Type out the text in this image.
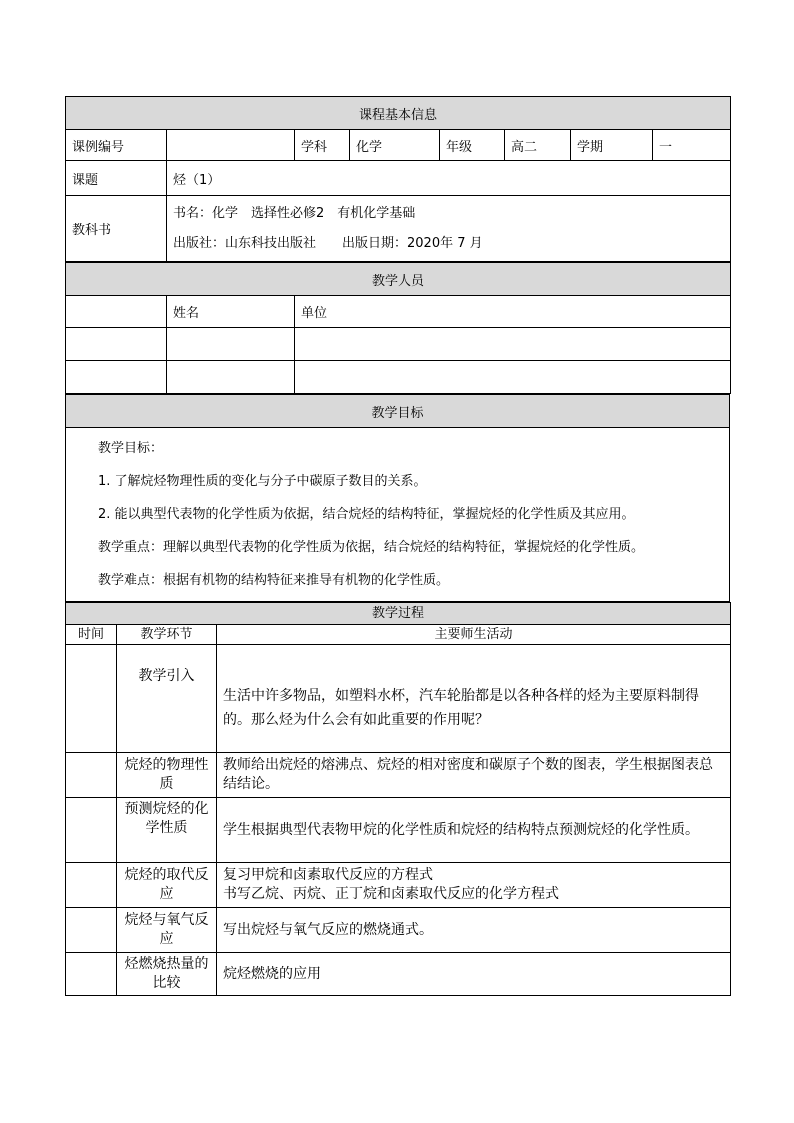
课程基本信息							
课例编号		学科	化学	年级	高二	学期	一
课题	烃（1）						
教科书	书名：化学　选择性必修2　有机化学基础
出版社：山东科技出版社　　出版日期：2020年 7 月						
教学人员		
	姓名	单位

教学目标

教学目标：
1. 了解烷烃物理性质的变化与分子中碳原子数目的关系。
2. 能以典型代表物的化学性质为依据，结合烷烃的结构特征，掌握烷烃的化学性质及其应用。
教学重点：理解以典型代表物的化学性质为依据，结合烷烃的结构特征，掌握烷烃的化学性质。
教学难点：根据有机物的结构特征来推导有机物的化学性质。
教学过程		
时间	教学环节	主要师生活动
	教学引入	生活中许多物品，如塑料水杯，汽车轮胎都是以各种各样的烃为主要原料制得的。那么烃为什么会有如此重要的作用呢？
	烷烃的物理性质	教师给出烷烃的熔沸点、烷烃的相对密度和碳原子个数的图表，学生根据图表总结结论。
	预测烷烃的化学性质	学生根据典型代表物甲烷的化学性质和烷烃的结构特点预测烷烃的化学性质。
	烷烃的取代反应	复习甲烷和卤素取代反应的方程式
书写乙烷、丙烷、正丁烷和卤素取代反应的化学方程式

	烷烃与氧气反应	写出烷烃与氧气反应的燃烧通式。
	烃燃烧热量的比较	烷烃燃烧的应用
